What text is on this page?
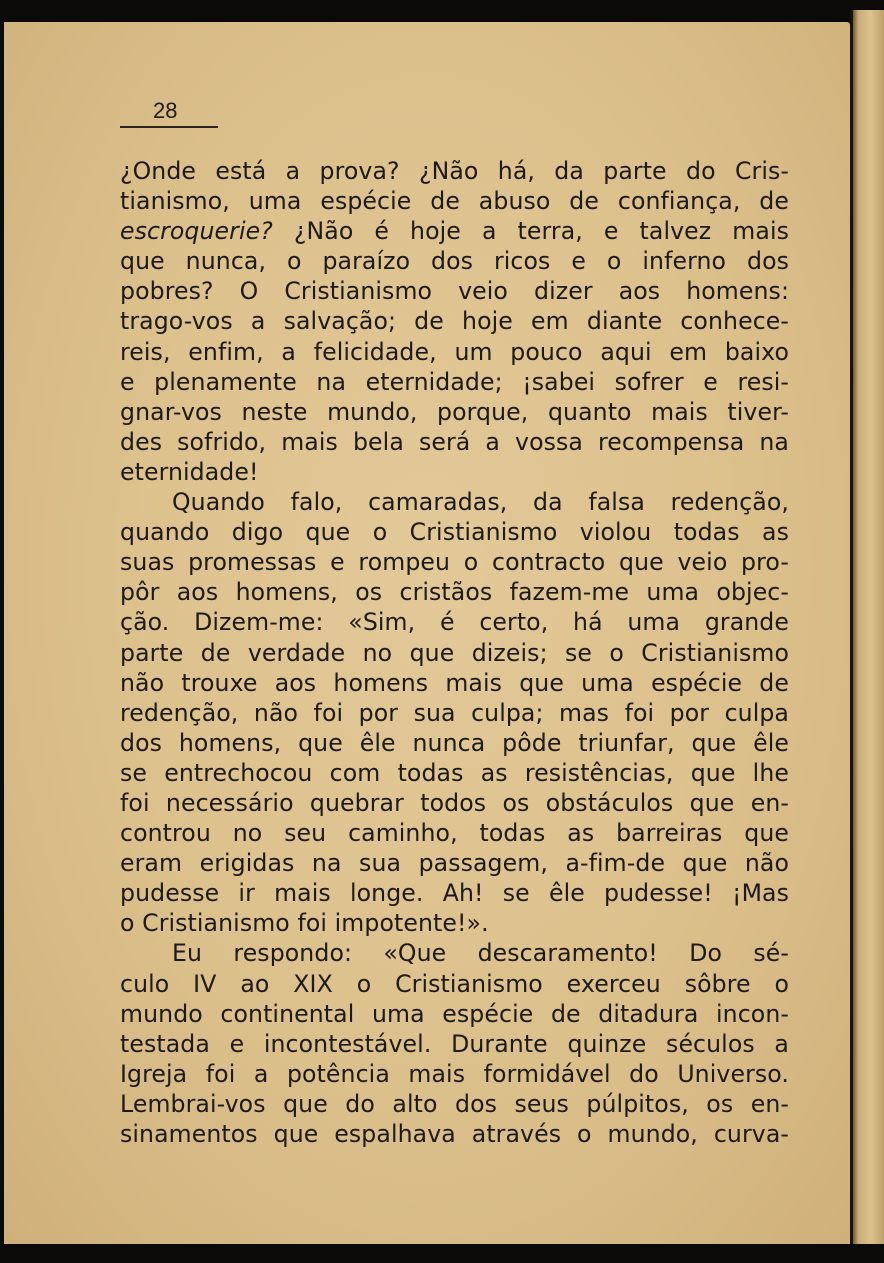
28
¿Onde está a prova? ¿Não há, da parte do Cris-
tianismo, uma espécie de abuso de confiança, de
escroquerie? ¿Não é hoje a terra, e talvez mais
que nunca, o paraízo dos ricos e o inferno dos
pobres? O Cristianismo veio dizer aos homens:
trago-vos a salvação; de hoje em diante conhece-
reis, enfim, a felicidade, um pouco aqui em baixo
e plenamente na eternidade; ¡sabei sofrer e resi-
gnar-vos neste mundo, porque, quanto mais tiver-
des sofrido, mais bela será a vossa recompensa na
eternidade!
Quando falo, camaradas, da falsa redenção,
quando digo que o Cristianismo violou todas as
suas promessas e rompeu o contracto que veio pro-
pôr aos homens, os cristãos fazem-me uma objec-
ção. Dizem-me: «Sim, é certo, há uma grande
parte de verdade no que dizeis; se o Cristianismo
não trouxe aos homens mais que uma espécie de
redenção, não foi por sua culpa; mas foi por culpa
dos homens, que êle nunca pôde triunfar, que êle
se entrechocou com todas as resistências, que lhe
foi necessário quebrar todos os obstáculos que en-
controu no seu caminho, todas as barreiras que
eram erigidas na sua passagem, a-fim-de que não
pudesse ir mais longe. Ah! se êle pudesse! ¡Mas
o Cristianismo foi impotente!».
Eu respondo: «Que descaramento! Do sé-
culo IV ao XIX o Cristianismo exerceu sôbre o
mundo continental uma espécie de ditadura incon-
testada e incontestável. Durante quinze séculos a
Igreja foi a potência mais formidável do Universo.
Lembrai-vos que do alto dos seus púlpitos, os en-
sinamentos que espalhava através o mundo, curva-
